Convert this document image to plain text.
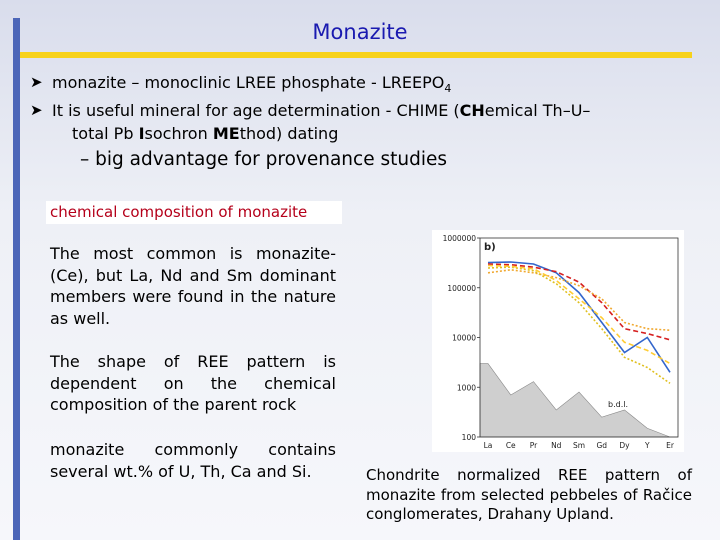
Monazite
➤ monazite – monoclinic LREE phosphate - $LREEPO_4$
➤ It is useful mineral for age determination - CHIME (CHemical Th–U–
total Pb Isochron MEthod) dating
– big advantage for provenance studies
chemical composition of monazite
The most common is monazite-(Ce), but La, Nd and Sm dominant members were found in the nature as well.
The shape of REE pattern is dependent on the chemical composition of the parent rock
monazite commonly contains several wt.% of U, Th, Ca and Si.
1000000
100000
10000
1000
100
La Ce Pr Nd Sm Gd Dy Y Er
b)
b.d.l.
Chondrite normalized REE pattern of monazite from selected pebbeles of Račice conglomerates, Drahany Upland.
